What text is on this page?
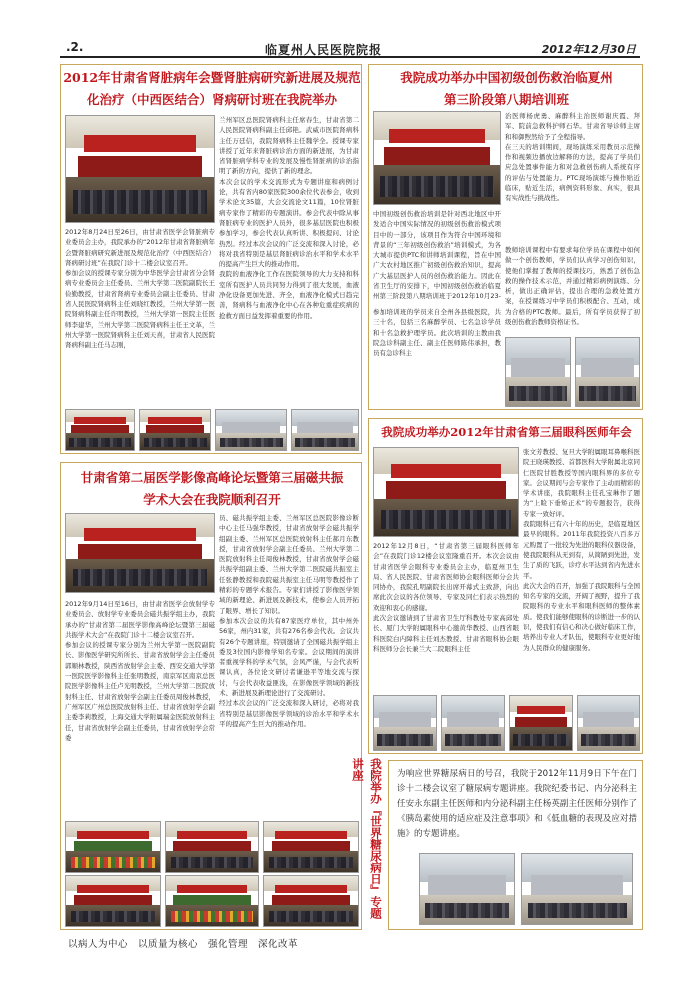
.2.	临夏州人民医院院报	2012年12月30日
2012年甘肃省肾脏病年会暨肾脏病研究新进展及规范
化治疗（中西医结合）肾病研讨班在我院举办
兰州军区总医院肾病科主任席春生，甘肃省第二人民医院肾病科副主任邱艳。武威市医院肾病科主任万廷信，我院肾病科主任魏学全。授课专家讲授了近年来肾脏病诊治方面的新进展，为甘肃省肾脏病学科专业的发展及慢性肾脏病的诊治指明了新的方向，提供了新的理念。
本次会议的学术交流形式为专题讲座和病例讨论，共有省内80家医院300余位代表参会，收到学术论文35篇，大会交流论文11篇，10位肾脏病专家作了精彩的专题演讲。参会代表中除从事肾脏病专业的医护人员外，很多基层医院也积极参加学习，参会代表认真听讲、积极提问、讨论热烈。经过本次会议的广泛交流和深入讨论，必将对我省特别是基层肾脏病诊治水平和学术水平的提高产生巨大的推动作用。
我院的血液净化工作在医院领导的大力支持和科室所有医护人员共同努力得到了很大发展，血液净化设备更加先进、齐全，血液净化模式日趋完善，肾病科与血液净化中心在各种危重症疾病的抢救方面日益发挥着重要的作用。
2012年8月24日至26日，由甘肃省医学会肾脏病专业委员会主办，我院承办的“2012年甘肃省肾脏病年会暨肾脏病研究新进展及规范化治疗（中西医结合）肾病研讨班”在我院门诊十二楼会议室召开。
参加会议的授课专家分别为中华医学会甘肃省分会肾病专业委员会主任委员、兰州大学第二医院副院长王俭勤教授，甘肃省肾病专业委员会副主任委员、甘肃省人民医院肾病科主任刘晓红教授，兰州大学第一医院肾病科副主任许明教授，兰州大学第一医院主任医师李建华，兰州大学第二医院肾病科主任王文革，兰州大学第一医院肾病科主任刘天喜，甘肃省人民医院肾病科副主任马志刚，
甘肃省第二届医学影像高峰论坛暨第三届磁共振
学术大会在我院顺利召开
员、磁共振学组主委、兰州军区总医院影像诊断中心主任马强华教授，甘肃省放射学会磁共振学组副主委、兰州军区总医院放射科主任郝月东教授，甘肃省放射学会副主任委员、兰州大学第二医院放射科主任周俊林教授，甘肃省放射学会磁共振学组副主委、兰州大学第二医院磁共振室主任张静教授和我院磁共振室主任马明等教授作了精彩的专题学术报告。专家们讲授了影像医学领域的新理论、新进展及新技术，使参会人员开拓了眼界、增长了知识。
参加本次会议的共有87家医疗单位，其中州外56家，州内31家，共有276名参会代表。会议共有26个专题讲座，特别邀请了全国磁共振学组主委及3位国内影像学知名专家。会议期间的演讲者重视学科的学术气氛，会风严谨，与会代表听课认真，各位论文研讨者谦逊平等地交流与探讨，与会代表收益匪浅，在影像医学领域的新技术、新进展及新理论进行了交流研讨。
经过本次会议的广泛交流和深入研讨，必将对我省特别是基层影像医学领域的诊治水平和学术水平的提高产生巨大的推动作用。
2012年9月14日至16日，由甘肃省医学会放射学专业委员会、放射学专业委员会磁共振学组主办，我院承办的“甘肃省第二届医学影像高峰论坛暨第三届磁共振学术大会”在我院门诊十二楼会议室召开。
参加会议的授课专家分别为兰州大学第一医院副院长、影像医学研究所所长、甘肃省放射学会主任委员郭顺林教授，陕西省放射学会主委、西安交通大学第一医院医学影像科主任张明教授，南京军区南京总医院医学影像科主任卢光明教授，兰州大学第二医院放射科主任、甘肃省放射学会副主任委员周俊林教授，广州军区广州总医院放射科主任、甘肃省放射学会副主委李莉教授，上海交通大学附属瑞金医院放射科主任，甘肃省放射学会副主任委员，甘肃省放射学会常委
我院成功举办中国初级创伤救治临夏州
第三阶段第八期培训班
治医师杨虎勇、麻醉科主治医师谢庆霞、拜军、院前急救科护师石华。甘肃省导诊师主席和和御煦然给予了全程指导。
在三天的培训期间，现场演练采用教员示范操作和视频边播放边解释的方法，提高了学员们应急处置事件能力和对急救创伤病人系统有序的评估与处置能力。PTC现场演练与操作贴近临床，贴近生活，病例资料形象、真实，很具有实战性与挑战性。
中国初级创伤救治培训是针对西北地区中开发适合中国实际情况的初级创伤救治模式项目中的一部分，该项目作为符合中国环境和背景的“三年初级创伤救治”培训模式，为各大城市提供PTC和讲师培训课程，旨在中国广大农村地区推广初级创伤救治知识，提高广大基层医护人员的创伤救治能力。因此在省卫生厅的安排下，中国初级创伤救治临夏州第三阶段第八期培训班于2012年10月23-
教师培训课程中有要求每位学员在课程中如何做一个创伤教师，学员们认真学习创伤知识，使他们掌握了教师的授课技巧，熟悉了创伤急救的操作技术示范，并通过精彩病例演练、分析，做出正确评估，提出合理的急救处置方案，在授课练习中学员们积极配合、互动，成为合格的PTC教师。最后，所有学员获得了初级创伤救治教师资格证书。
参加培训班的学员来自全州各县级医院，共三十名，包括三名麻醉学员、七名急诊学员和十名急救护理学员。此次培训的主教由我院急诊科副主任、副主任医师陈伟承担，教员有急诊科主
我院成功举办2012年甘肃省第三届眼科医师年会
2012年12月8日，“甘肃省第三届眼科医师年会”在我院门诊12楼会议室隆重召开。本次会议由甘肃省医学会眼科专业委员会主办，临夏州卫生局、省人民医院、甘肃省医师协会眼科医师分会共同协办，我院孔明副院长出席开幕式主致辞，向出席此次会议的各位领导、专家及同仁们表示热烈的欢迎和衷心的感谢。
此次会议邀请到了甘肃省卫生厅科教处专家高邱处长、厦门大学附属眼科中心邀黄华教授、山西省眼科医院白内障科主任刘杰教授、甘肃省眼科协会眼科医师分会长兼兰大二院眼科主任
张文芳教授、复旦大学附属眼耳鼻喉科医院王晓瑛教授、首都医科大学附属北京同仁医院甘胜教授等国内眼科界的多位专家。会议期间与会专家作了主动而精彩的学术讲座，我院眼科主任孔宝琳作了题为“上睑下垂矫正术”的专题报告，获得专家一致好评。
我院眼科已有六十年的历史，是临夏地区最早的眼科。2011年我院投资八百多万元购置了一批较为先进的眼科仪器设备，使我院眼科从无到有，从简陋到先进，发生了质的飞跃，诊疗水平达到省内先进水平。
此次大会的召开，加强了我院眼科与全国知名专家的交流，开阔了视野，提升了我院眼科的专业水平和眼科医师的整体素质。使我们能够使眼科的诊断进一步的认识，使我们有信心和决心做好临床工作，培养出专业人才队伍，使眼科专业更好地为人民群众的健康服务。
我院举办『世界糖尿病日』专题讲座	为响应世界糖尿病日的号召，我院于2012年11月9日下午在门诊十二楼会议室了糖尿病专题讲座。我院纪委书记、内分泌科主任安永东副主任医师和内分泌科副主任杨英副主任医师分别作了《胰岛素使用的适应症及注意事项》和《低血糖的表现及应对措施》的专题讲座。
以病人为中心　以质量为核心　强化管理　深化改革
